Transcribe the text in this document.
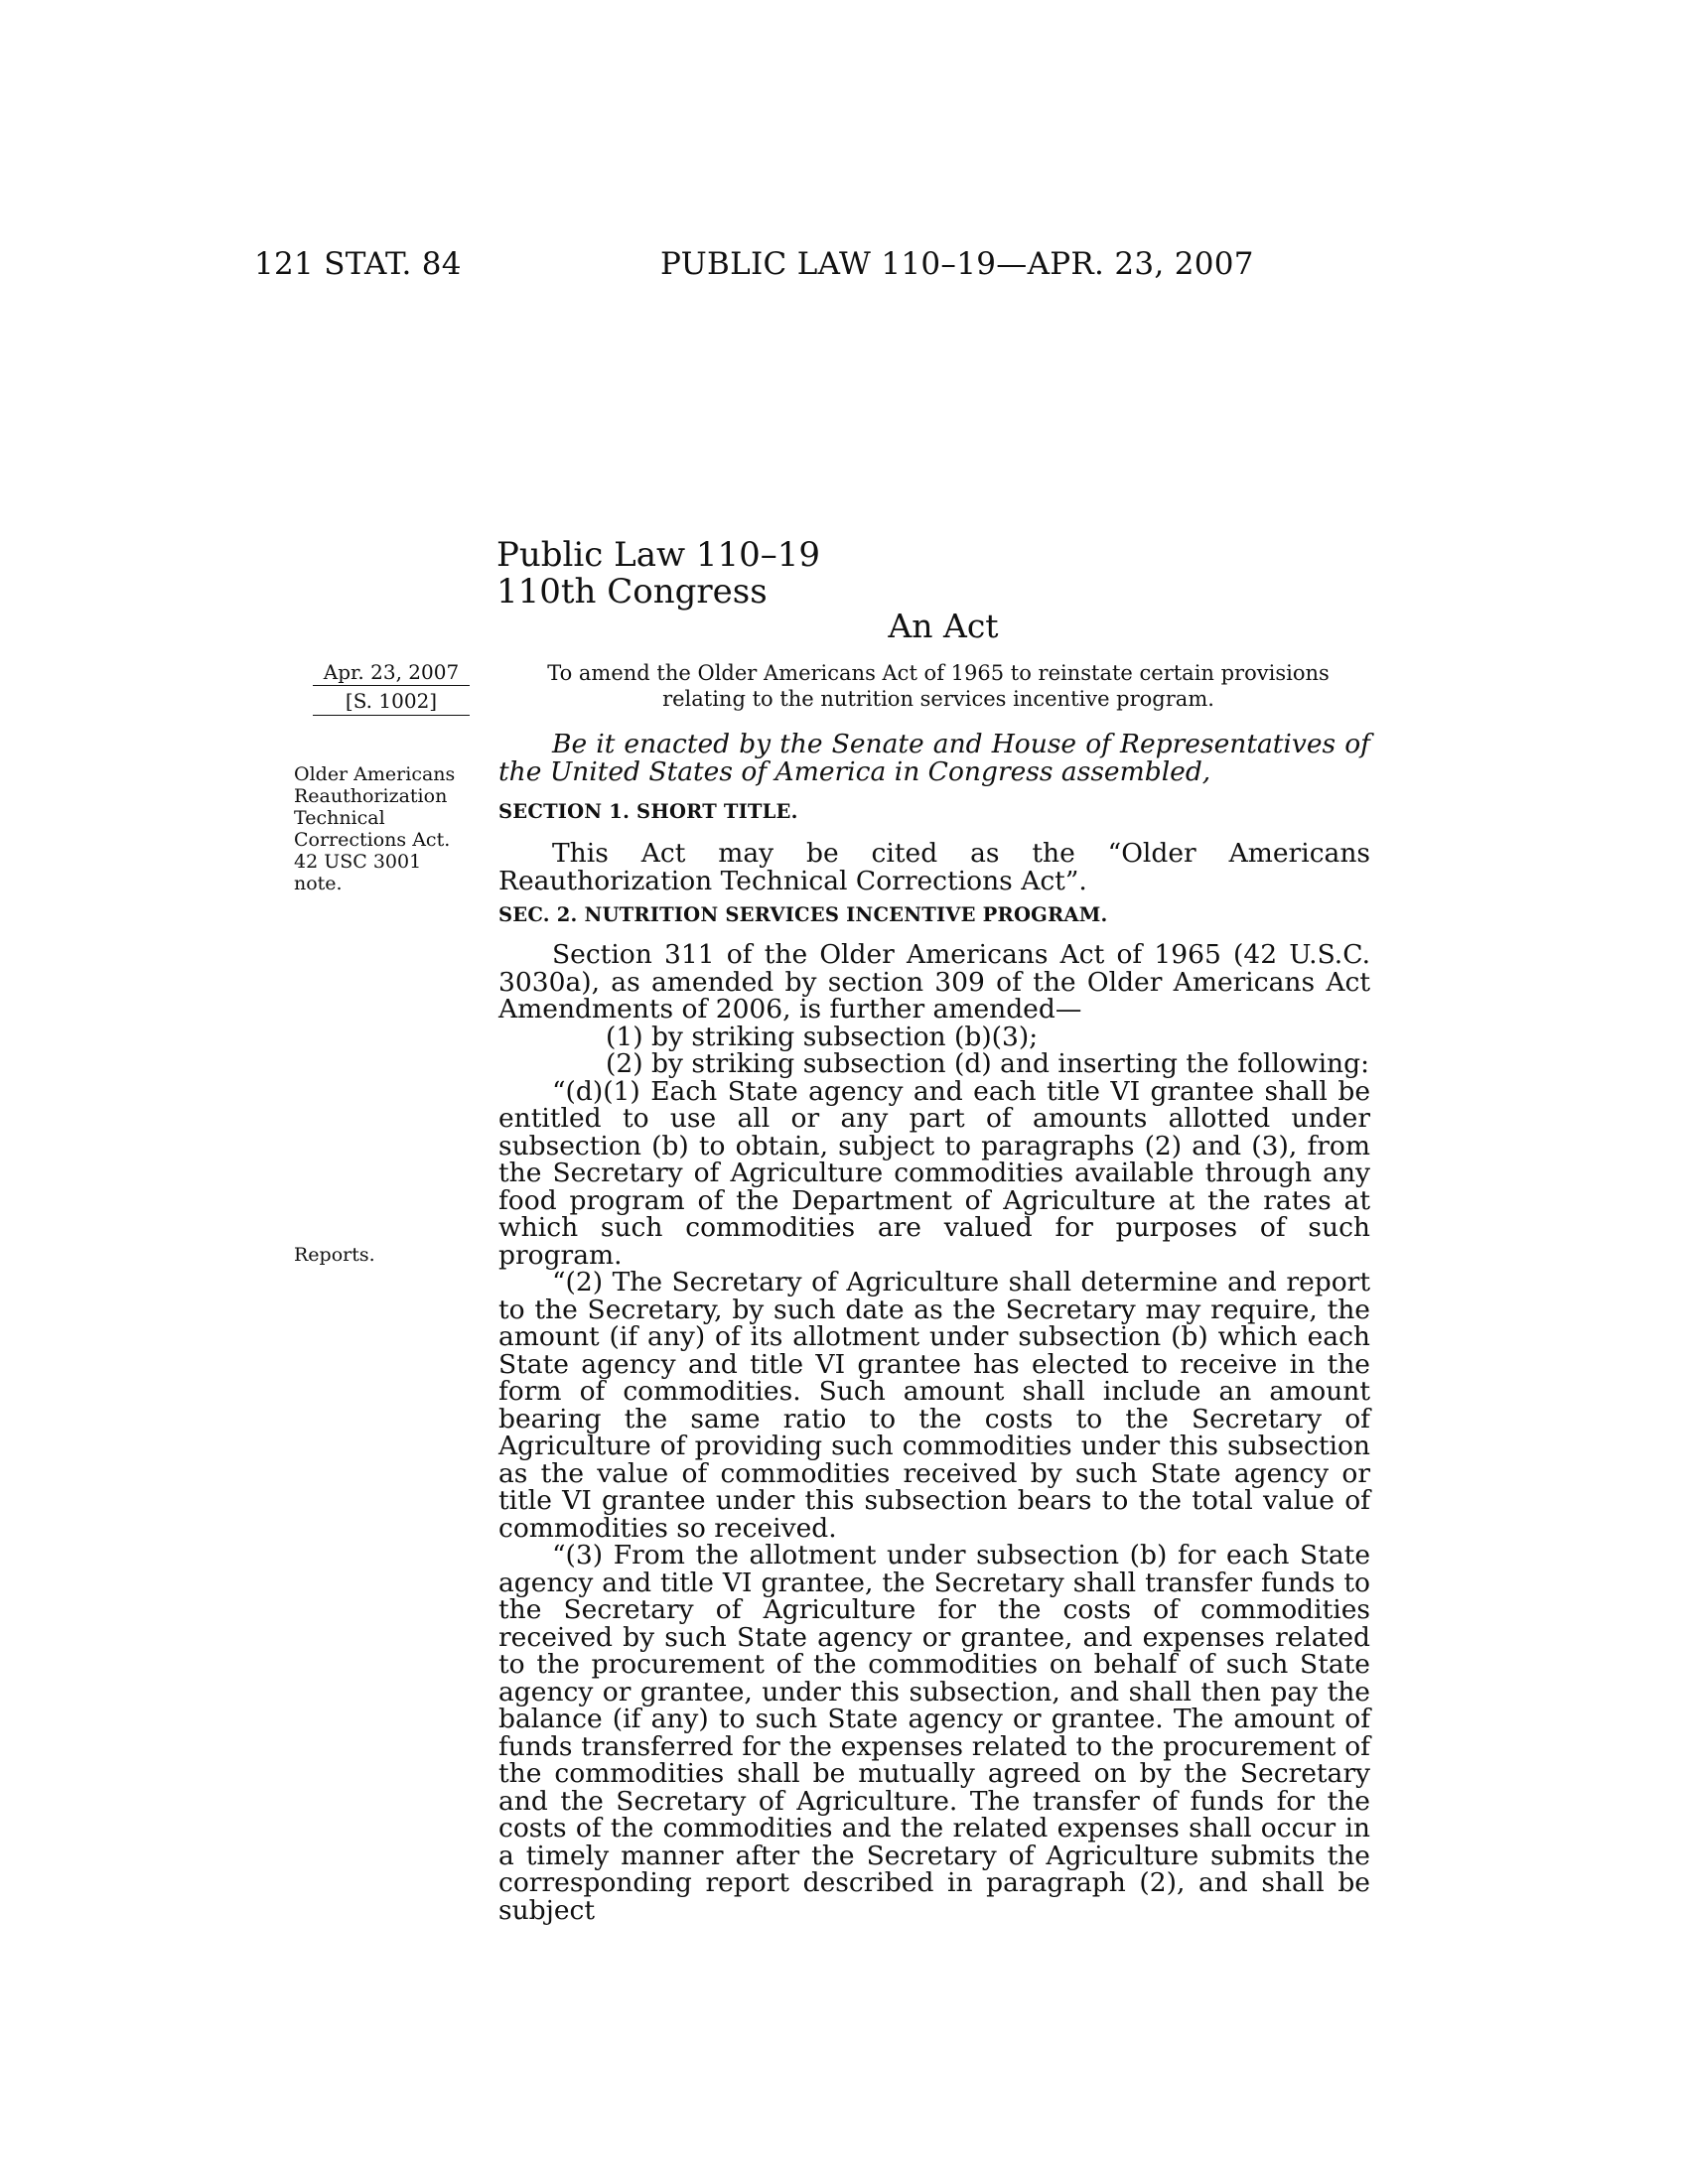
121 STAT. 84	PUBLIC LAW 110–19—APR. 23, 2007
Public Law 110–19
110th Congress
An Act
Apr. 23, 2007
[S. 1002]
Older Americans Reauthorization Technical Corrections Act. 42 USC 3001 note.
Reports.
To amend the Older Americans Act of 1965 to reinstate certain provisions relating to the nutrition services incentive program.

Be it enacted by the Senate and House of Representatives of the United States of America in Congress assembled,

SECTION 1. SHORT TITLE.

This Act may be cited as the “Older Americans Reauthorization Technical Corrections Act”.

SEC. 2. NUTRITION SERVICES INCENTIVE PROGRAM.

Section 311 of the Older Americans Act of 1965 (42 U.S.C. 3030a), as amended by section 309 of the Older Americans Act Amendments of 2006, is further amended—

(1) by striking subsection (b)(3);

(2) by striking subsection (d) and inserting the following:

“(d)(1) Each State agency and each title VI grantee shall be entitled to use all or any part of amounts allotted under subsection (b) to obtain, subject to paragraphs (2) and (3), from the Secretary of Agriculture commodities available through any food program of the Department of Agriculture at the rates at which such commodities are valued for purposes of such program.

“(2) The Secretary of Agriculture shall determine and report to the Secretary, by such date as the Secretary may require, the amount (if any) of its allotment under subsection (b) which each State agency and title VI grantee has elected to receive in the form of commodities. Such amount shall include an amount bearing the same ratio to the costs to the Secretary of Agriculture of providing such commodities under this subsection as the value of commodities received by such State agency or title VI grantee under this subsection bears to the total value of commodities so received.

“(3) From the allotment under subsection (b) for each State agency and title VI grantee, the Secretary shall transfer funds to the Secretary of Agriculture for the costs of commodities received by such State agency or grantee, and expenses related to the procurement of the commodities on behalf of such State agency or grantee, under this subsection, and shall then pay the balance (if any) to such State agency or grantee. The amount of funds transferred for the expenses related to the procurement of the commodities shall be mutually agreed on by the Secretary and the Secretary of Agriculture. The transfer of funds for the costs of the commodities and the related expenses shall occur in a timely manner after the Secretary of Agriculture submits the corresponding report described in paragraph (2), and shall be subject
